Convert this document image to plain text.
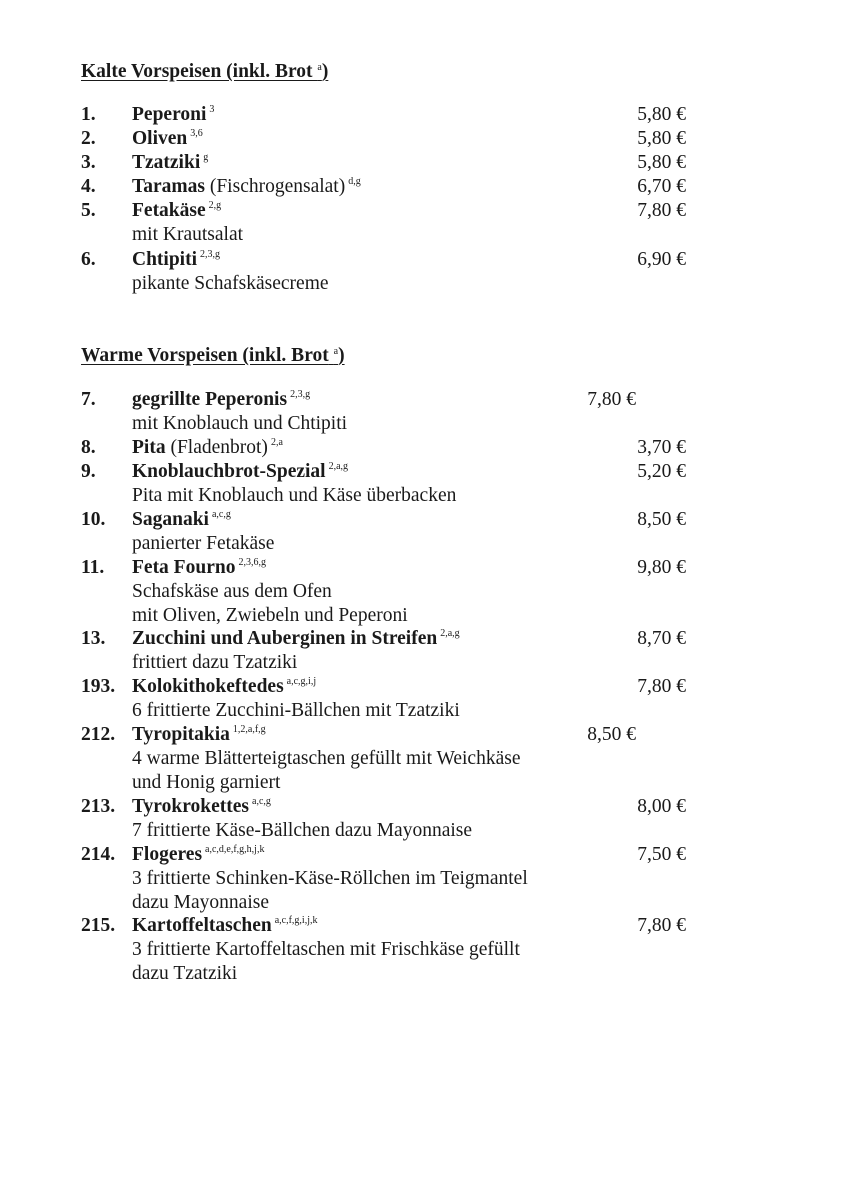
Kalte Vorspeisen (inkl. Brot $^a$)
1. Peperoni $^3$	5,80 €
2. Oliven $^{3,6}$	5,80 €
3. Tzatziki $^g$	5,80 €
4. Taramas (Fischrogensalat) $^{d,g}$	6,70 €
5. Fetakäse $^{2,g}$	7,80 €
mit Krautsalat
6. Chtipiti $^{2,3,g}$	6,90 €
pikante Schafskäsecreme
Warme Vorspeisen (inkl. Brot $^a$)
7. gegrillte Peperonis $^{2,3,g}$	7,80 €
mit Knoblauch und Chtipiti
8. Pita (Fladenbrot) $^{2,a}$	3,70 €
9. Knoblauchbrot-Spezial $^{2,a,g}$	5,20 €
Pita mit Knoblauch und Käse überbacken
10. Saganaki $^{a,c,g}$	8,50 €
panierter Fetakäse
11. Feta Fourno $^{2,3,6,g}$	9,80 €
Schafskäse aus dem Ofen
mit Oliven, Zwiebeln und Peperoni
13. Zucchini und Auberginen in Streifen $^{2,a,g}$	8,70 €
frittiert dazu Tzatziki
193. Kolokithokeftedes $^{a,c,g,i,j}$	7,80 €
6 frittierte Zucchini-Bällchen mit Tzatziki
212. Tyropitakia $^{1,2,a,f,g}$	8,50 €
4 warme Blätterteigtaschen gefüllt mit Weichkäse
und Honig garniert
213. Tyrokrokettes $^{a,c,g}$	8,00 €
7 frittierte Käse-Bällchen dazu Mayonnaise
214. Flogeres $^{a,c,d,e,f,g,h,j,k}$	7,50 €
3 frittierte Schinken-Käse-Röllchen im Teigmantel
dazu Mayonnaise
215. Kartoffeltaschen $^{a,c,f,g,i,j,k}$	7,80 €
3 frittierte Kartoffeltaschen mit Frischkäse gefüllt
dazu Tzatziki
